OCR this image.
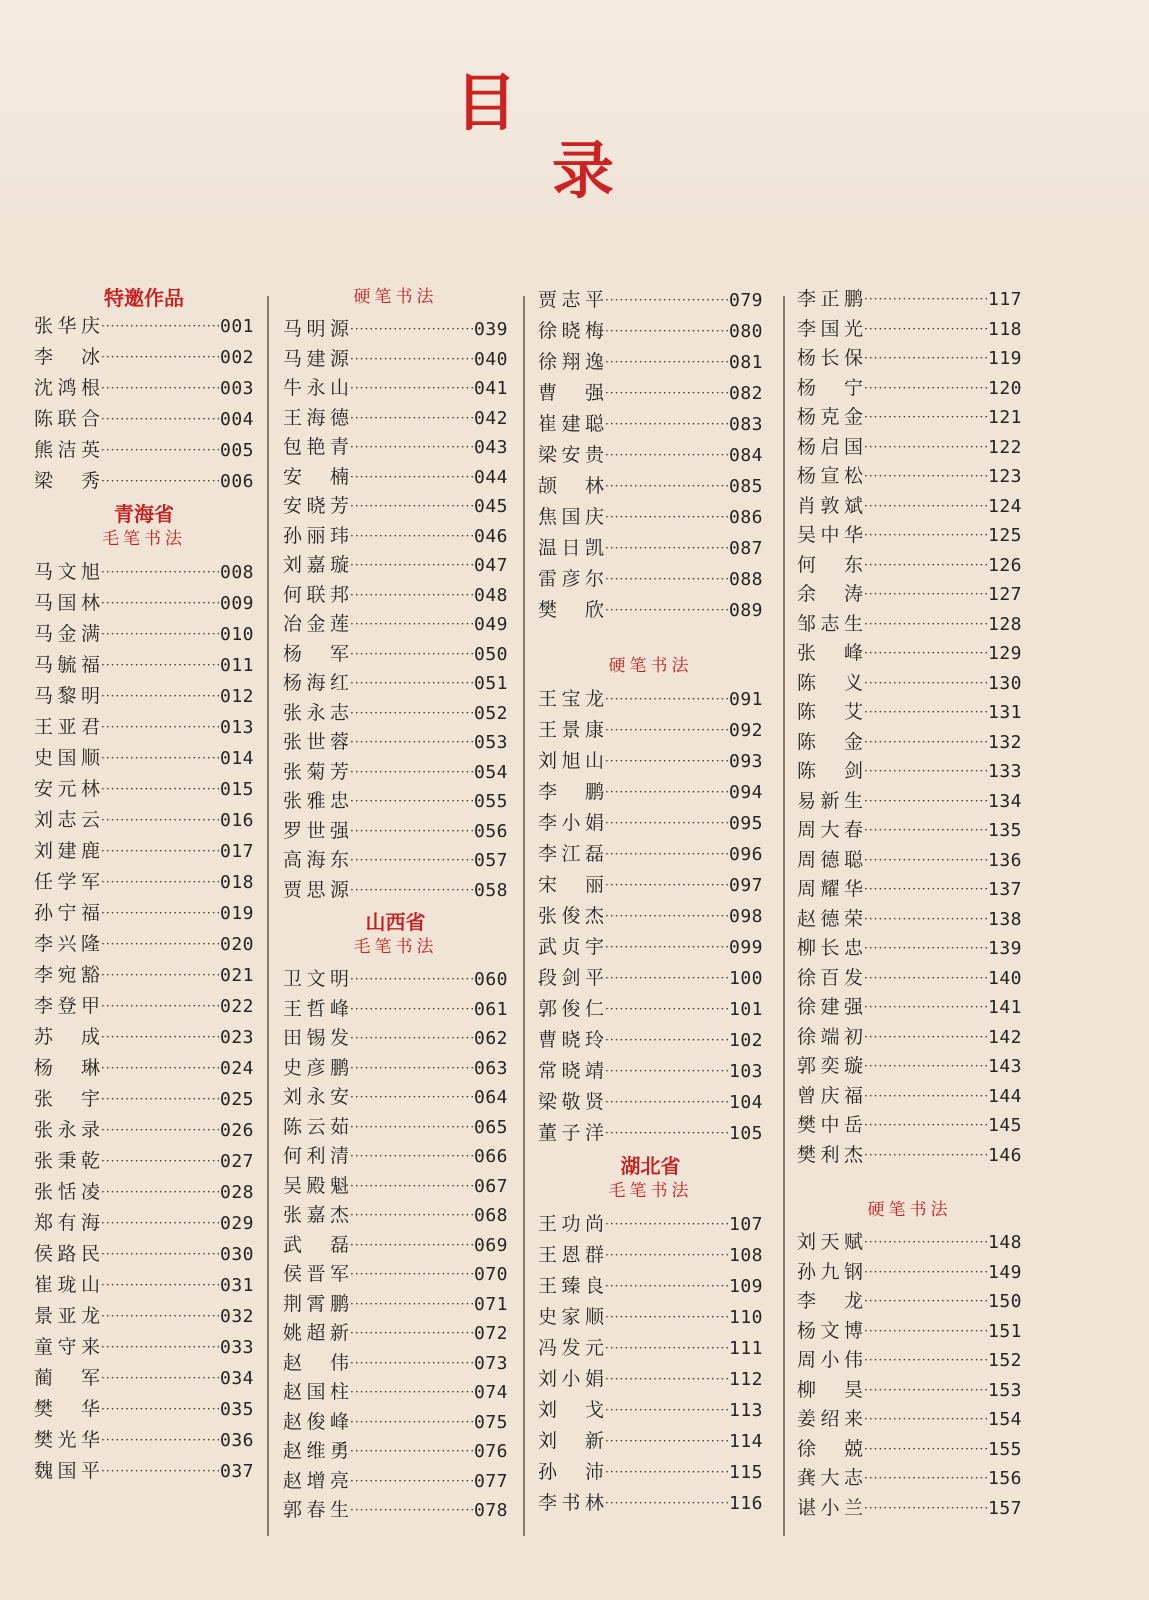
目
录
特邀作品
张华庆 ·····	001
李　冰 ·····	002
沈鸿根 ·····	003
陈联合 ·····	004
熊洁英 ·····	005
梁　秀 ·····	006
青海省
毛笔书法
马文旭 ·····	008
马国林 ·····	009
马金满 ·····	010
马毓福 ·····	011
马黎明 ·····	012
王亚君 ·····	013
史国顺 ·····	014
安元林 ·····	015
刘志云 ·····	016
刘建鹿 ·····	017
任学军 ·····	018
孙宁福 ·····	019
李兴隆 ·····	020
李宛豁 ·····	021
李登甲 ·····	022
苏　成 ·····	023
杨　琳 ·····	024
张　宇 ·····	025
张永录 ·····	026
张秉乾 ·····	027
张恬凌 ·····	028
郑有海 ·····	029
侯路民 ·····	030
崔珑山 ·····	031
景亚龙 ·····	032
童守来 ·····	033
蔺　军 ·····	034
樊　华 ·····	035
樊光华 ·····	036
魏国平 ·····	037
硬笔书法
马明源 ·····	039
马建源 ·····	040
牛永山 ·····	041
王海德 ·····	042
包艳青 ·····	043
安　楠 ·····	044
安晓芳 ·····	045
孙丽玮 ·····	046
刘嘉璇 ·····	047
何联邦 ·····	048
冶金莲 ·····	049
杨　军 ·····	050
杨海红 ·····	051
张永志 ·····	052
张世蓉 ·····	053
张菊芳 ·····	054
张雅忠 ·····	055
罗世强 ·····	056
高海东 ·····	057
贾思源 ·····	058
山西省
毛笔书法
卫文明 ·····	060
王哲峰 ·····	061
田锡发 ·····	062
史彦鹏 ·····	063
刘永安 ·····	064
陈云茹 ·····	065
何利清 ·····	066
吴殿魁 ·····	067
张嘉杰 ·····	068
武　磊 ·····	069
侯晋军 ·····	070
荆霄鹏 ·····	071
姚超新 ·····	072
赵　伟 ·····	073
赵国柱 ·····	074
赵俊峰 ·····	075
赵维勇 ·····	076
赵增亮 ·····	077
郭春生 ·····	078
贾志平 ·····	079
徐晓梅 ·····	080
徐翔逸 ·····	081
曹　强 ·····	082
崔建聪 ·····	083
梁安贵 ·····	084
颉　林 ·····	085
焦国庆 ·····	086
温日凯 ·····	087
雷彦尔 ·····	088
樊　欣 ·····	089
硬笔书法
王宝龙 ·····	091
王景康 ·····	092
刘旭山 ·····	093
李　鹏 ·····	094
李小娟 ·····	095
李江磊 ·····	096
宋　丽 ·····	097
张俊杰 ·····	098
武贞宇 ·····	099
段剑平 ·····	100
郭俊仁 ·····	101
曹晓玲 ·····	102
常晓靖 ·····	103
梁敬贤 ·····	104
董子洋 ·····	105
湖北省
毛笔书法
王功尚 ·····	107
王恩群 ·····	108
王臻良 ·····	109
史家顺 ·····	110
冯发元 ·····	111
刘小娟 ·····	112
刘　戈 ·····	113
刘　新 ·····	114
孙　沛 ·····	115
李书林 ·····	116
李正鹏 ·····	117
李国光 ·····	118
杨长保 ·····	119
杨　宁 ·····	120
杨克金 ·····	121
杨启国 ·····	122
杨宣松 ·····	123
肖敦斌 ·····	124
吴中华 ·····	125
何　东 ·····	126
余　涛 ·····	127
邹志生 ·····	128
张　峰 ·····	129
陈　义 ·····	130
陈　艾 ·····	131
陈　金 ·····	132
陈　剑 ·····	133
易新生 ·····	134
周大春 ·····	135
周德聪 ·····	136
周耀华 ·····	137
赵德荣 ·····	138
柳长忠 ·····	139
徐百发 ·····	140
徐建强 ·····	141
徐端初 ·····	142
郭奕璇 ·····	143
曾庆福 ·····	144
樊中岳 ·····	145
樊利杰 ·····	146
硬笔书法
刘天赋 ·····	148
孙九钢 ·····	149
李　龙 ·····	150
杨文博 ·····	151
周小伟 ·····	152
柳　昊 ·····	153
姜绍来 ·····	154
徐　兢 ·····	155
龚大志 ·····	156
谌小兰 ·····	157
